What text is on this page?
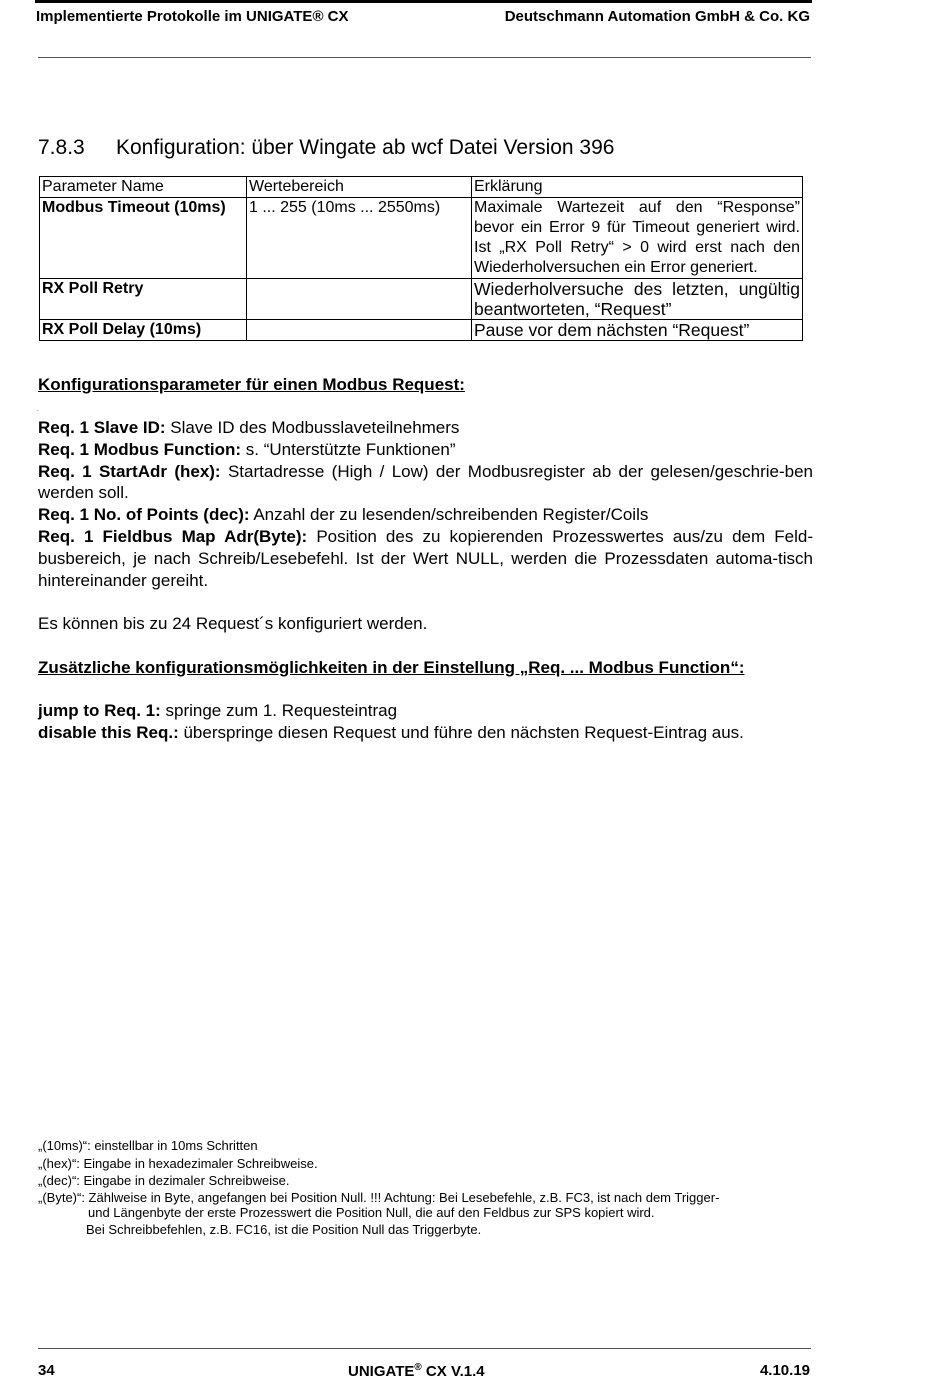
Implementierte Protokolle im UNIGATE® CX	Deutschmann Automation GmbH & Co. KG
7.8.3 Konfiguration: über Wingate ab wcf Datei Version 396
Parameter Name	Wertebereich	Erklärung
Modbus Timeout (10ms)	1 ... 255 (10ms ... 2550ms)	Maximale Wartezeit auf den “Response” bevor ein Error 9 für Timeout generiert wird. Ist „RX Poll Retry“ > 0 wird erst nach den Wiederholversuchen ein Error generiert.
RX Poll Retry		Wiederholversuche des letzten, ungültig beantworteten, “Request”
RX Poll Delay (10ms)		Pause vor dem nächsten “Request”
Konfigurationsparameter für einen Modbus Request:
.
Req. 1 Slave ID: Slave ID des Modbusslaveteilnehmers
Req. 1 Modbus Function: s. “Unterstützte Funktionen”
Req. 1 StartAdr (hex): Startadresse (High / Low) der Modbusregister ab der gelesen/geschrie-ben werden soll.
Req. 1 No. of Points (dec): Anzahl der zu lesenden/schreibenden Register/Coils
Req. 1 Fieldbus Map Adr(Byte): Position des zu kopierenden Prozesswertes aus/zu dem Feld-busbereich, je nach Schreib/Lesebefehl. Ist der Wert NULL, werden die Prozessdaten automa-tisch hintereinander gereiht.
Es können bis zu 24 Request´s konfiguriert werden.
Zusätzliche konfigurationsmöglichkeiten in der Einstellung „Req. ... Modbus Function“:
jump to Req. 1: springe zum 1. Requesteintrag
disable this Req.: überspringe diesen Request und führe den nächsten Request-Eintrag aus.
„(10ms)“: einstellbar in 10ms Schritten
„(hex)“: Eingabe in hexadezimaler Schreibweise.
„(dec)“: Eingabe in dezimaler Schreibweise.
„(Byte)“: Zählweise in Byte, angefangen bei Position Null. !!! Achtung: Bei Lesebefehle, z.B. FC3, ist nach dem Trigger-
und Längenbyte der erste Prozesswert die Position Null, die auf den Feldbus zur SPS kopiert wird.
Bei Schreibbefehlen, z.B. FC16, ist die Position Null das Triggerbyte.
34	UNIGATE® CX V.1.4	4.10.19
